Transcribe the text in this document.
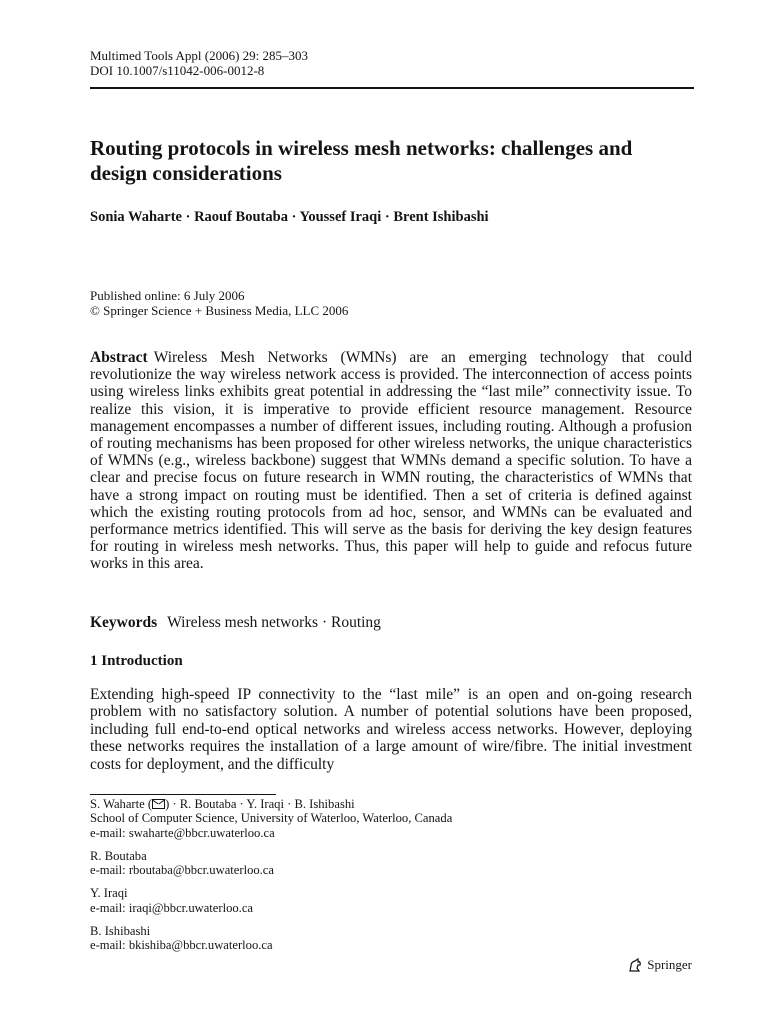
Multimed Tools Appl (2006) 29: 285–303
DOI 10.1007/s11042-006-0012-8
Routing protocols in wireless mesh networks: challenges and design considerations
Sonia Waharte · Raouf Boutaba · Youssef Iraqi · Brent Ishibashi
Published online: 6 July 2006
© Springer Science + Business Media, LLC 2006
Abstract Wireless Mesh Networks (WMNs) are an emerging technology that could revolutionize the way wireless network access is provided. The interconnection of access points using wireless links exhibits great potential in addressing the “last mile” connectivity issue. To realize this vision, it is imperative to provide efficient resource management. Resource management encompasses a number of different issues, including routing. Although a profusion of routing mechanisms has been proposed for other wireless networks, the unique characteristics of WMNs (e.g., wireless backbone) suggest that WMNs demand a specific solution. To have a clear and precise focus on future research in WMN routing, the characteristics of WMNs that have a strong impact on routing must be identified. Then a set of criteria is defined against which the existing routing protocols from ad hoc, sensor, and WMNs can be evaluated and performance metrics identified. This will serve as the basis for deriving the key design features for routing in wireless mesh networks. Thus, this paper will help to guide and refocus future works in this area.
Keywords Wireless mesh networks · Routing
1 Introduction
Extending high-speed IP connectivity to the “last mile” is an open and on-going research problem with no satisfactory solution. A number of potential solutions have been proposed, including full end-to-end optical networks and wireless access networks. However, deploying these networks requires the installation of a large amount of wire/fibre. The initial investment costs for deployment, and the difficulty
S. Waharte ( ) · R. Boutaba · Y. Iraqi · B. Ishibashi
School of Computer Science, University of Waterloo, Waterloo, Canada
e-mail: swaharte@bbcr.uwaterloo.ca
R. Boutaba
e-mail: rboutaba@bbcr.uwaterloo.ca
Y. Iraqi
e-mail: iraqi@bbcr.uwaterloo.ca
B. Ishibashi
e-mail: bkishiba@bbcr.uwaterloo.ca
Springer
